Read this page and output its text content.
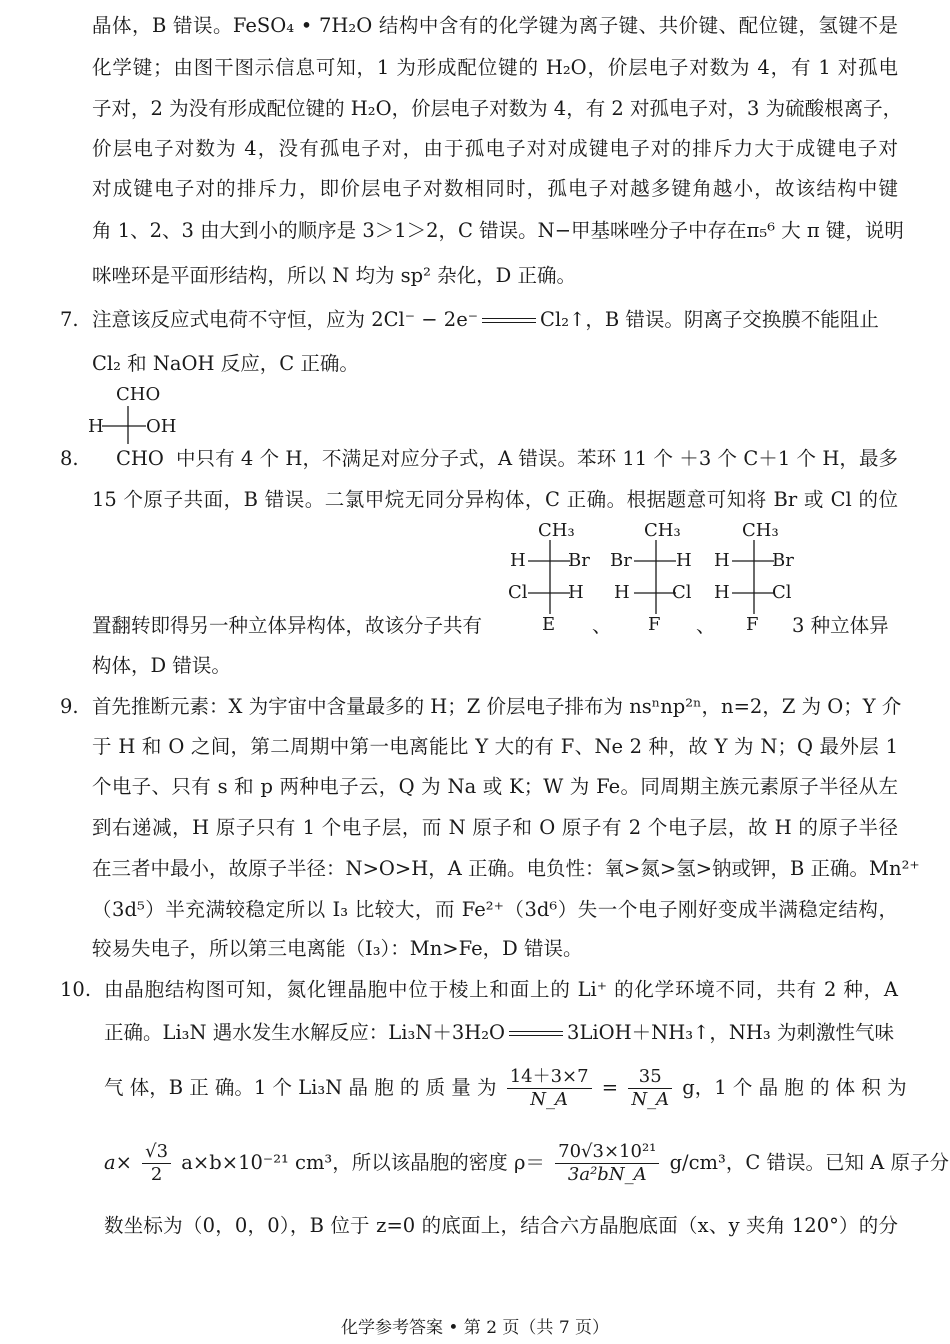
晶体，B 错误。FeSO₄ • 7H₂O 结构中含有的化学键为离子键、共价键、配位键，氢键不是
化学键；由图干图示信息可知，1 为形成配位键的 H₂O，价层电子对数为 4，有 1 对孤电
子对，2 为没有形成配位键的 H₂O，价层电子对数为 4，有 2 对孤电子对，3 为硫酸根离子，
价层电子对数为 4，没有孤电子对，由于孤电子对对成键电子对的排斥力大于成键电子对
对成键电子对的排斥力，即价层电子对数相同时，孤电子对越多键角越小，故该结构中键
角 1、2、3 由大到小的顺序是 3＞1＞2，C 错误。N−甲基咪唑分子中存在π₅⁶ 大 π 键，说明
咪唑环是平面形结构，所以 N 均为 sp² 杂化，D 正确。
7. 注意该反应式电荷不守恒，应为 2Cl⁻ − 2e⁻	Cl₂↑，B 错误。阴离子交换膜不能阻止
Cl₂ 和 NaOH 反应，C 正确。
CHO
H OH
8. CHO 中只有 4 个 H，不满足对应分子式，A 错误。苯环 11 个 ＋3 个 C＋1 个 H，最多
15 个原子共面，B 错误。二氯甲烷无同分异构体，C 正确。根据题意可知将 Br 或 Cl 的位
CH₃
H Br
Cl H
E
CH₃
Br H
H Cl
F
CH₃
H Br
H Cl
F
置翻转即得另一种立体异构体，故该分子共有	、	、	3 种立体异
构体，D 错误。
9. 首先推断元素：X 为宇宙中含量最多的 H；Z 价层电子排布为 nsⁿnp²ⁿ，n=2，Z 为 O；Y 介
于 H 和 O 之间，第二周期中第一电离能比 Y 大的有 F、Ne 2 种，故 Y 为 N；Q 最外层 1
个电子、只有 s 和 p 两种电子云，Q 为 Na 或 K；W 为 Fe。同周期主族元素原子半径从左
到右递减，H 原子只有 1 个电子层，而 N 原子和 O 原子有 2 个电子层，故 H 的原子半径
在三者中最小，故原子半径：N>O>H，A 正确。电负性：氧>氮>氢>钠或钾，B 正确。Mn²⁺
（3d⁵）半充满较稳定所以 I₃ 比较大，而 Fe²⁺（3d⁶）失一个电子刚好变成半满稳定结构，
较易失电子，所以第三电离能（I₃）：Mn>Fe，D 错误。
10. 由晶胞结构图可知，氮化锂晶胞中位于棱上和面上的 Li⁺ 的化学环境不同，共有 2 种，A
正确。Li₃N 遇水发生水解反应：Li₃N＋3H₂O	3LiOH＋NH₃↑，NH₃ 为刺激性气味
气 体，B 正 确。1 个 Li₃N 晶 胞 的 质 量 为 $\frac{14+3\times 7}{N\_A} = \frac{35}{N\_A}$ g，1 个 晶 胞 的 体 积 为
$a\times \frac{√3}{2} a\times b\times 10^{-21}$ cm³，所以该晶胞的密度 $\rho= \frac{\text{70√3×10²¹}}{\text{3a²bN\_A}} g/cm^3$，C 错误。已知 A 原子分
数坐标为（0，0，0），B 位于 z=0 的底面上，结合六方晶胞底面（x、y 夹角 120°）的分
化学参考答案 • 第 2 页（共 7 页）
